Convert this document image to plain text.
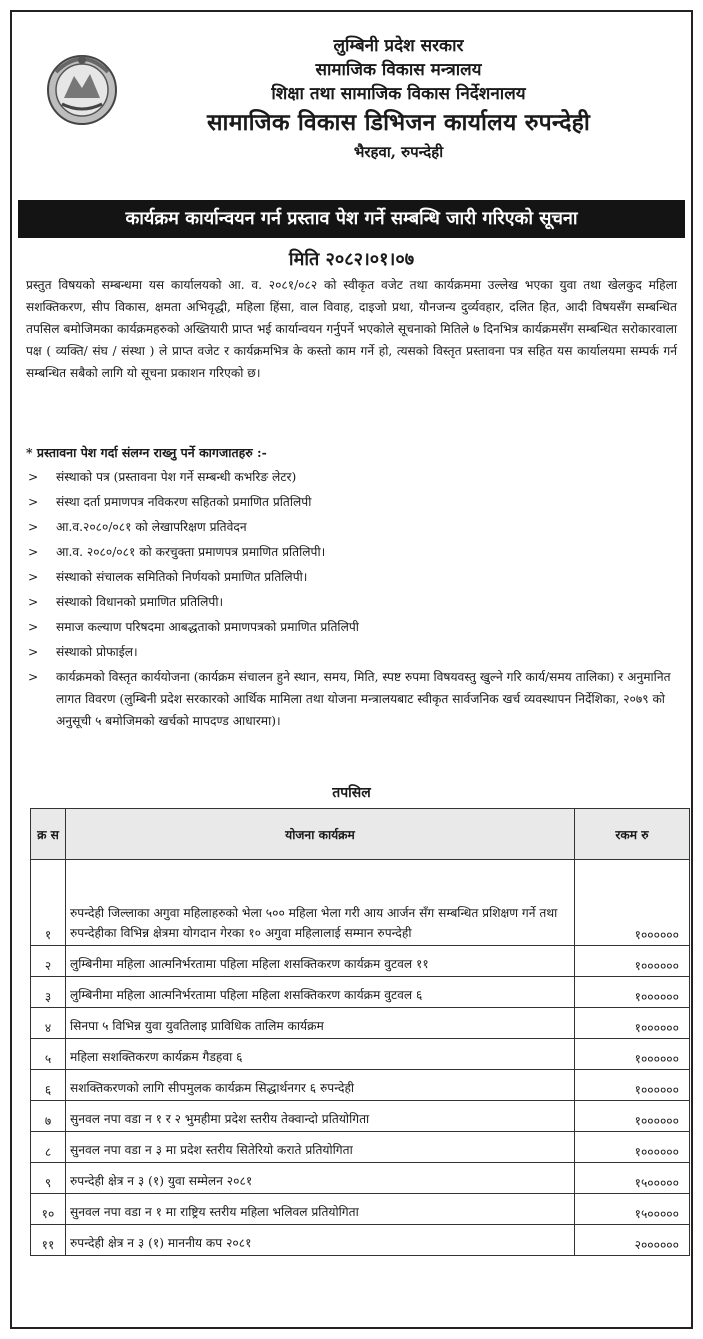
लुम्बिनी प्रदेश सरकार
सामाजिक विकास मन्त्रालय
शिक्षा तथा सामाजिक विकास निर्देशनालय
सामाजिक विकास डिभिजन कार्यालय रुपन्देही
भैरहवा, रुपन्देही
कार्यक्रम कार्यान्वयन गर्न प्रस्ताव पेश गर्ने सम्बन्धि जारी गरिएको सूचना
मिति २०८२।०१।०७
प्रस्तुत विषयको सम्बन्धमा यस कार्यालयको आ. व. २०८१/०८२ को स्वीकृत वजेट तथा कार्यक्रममा उल्लेख भएका युवा तथा खेलकुद महिला सशक्तिकरण, सीप विकास, क्षमता अभिवृद्धी, महिला हिंसा, वाल विवाह, दाइजो प्रथा, यौनजन्य दुर्व्यवहार, दलित हित, आदी विषयसँग सम्बन्धित तपसिल बमोजिमका कार्यक्रमहरुको अख्तियारी प्राप्त भई कार्यान्वयन गर्नुपर्ने भएकोले सूचनाको मितिले ७ दिनभित्र कार्यक्रमसँग सम्बन्धित सरोकारवाला पक्ष ( व्यक्ति/ संघ / संस्था ) ले प्राप्त वजेट र कार्यक्रमभित्र के कस्तो काम गर्ने हो, त्यसको विस्तृत प्रस्तावना पत्र सहित यस कार्यालयमा सम्पर्क गर्न सम्बन्धित सबैको लागि यो सूचना प्रकाशन गरिएको छ।
* प्रस्तावना पेश गर्दा संलग्न राख्नु पर्ने कागजातहरु :-
> संस्थाको पत्र (प्रस्तावना पेश गर्ने सम्बन्धी कभरिङ लेटर)
> संस्था दर्ता प्रमाणपत्र नविकरण सहितको प्रमाणित प्रतिलिपी
> आ.व.२०८०/०८१ को लेखापरिक्षण प्रतिवेदन
> आ.व. २०८०/०८१ को करचुक्ता प्रमाणपत्र प्रमाणित प्रतिलिपी।
> संस्थाको संचालक समितिको निर्णयको प्रमाणित प्रतिलिपी।
> संस्थाको विधानको प्रमाणित प्रतिलिपी।
> समाज कल्याण परिषदमा आबद्धताको प्रमाणपत्रको प्रमाणित प्रतिलिपी
> संस्थाको प्रोफाईल।
> कार्यक्रमको विस्तृत कार्ययोजना (कार्यक्रम संचालन हुने स्थान, समय, मिति, स्पष्ट रुपमा विषयवस्तु खुल्ने गरि कार्य/समय तालिका) र अनुमानित लागत विवरण (लुम्बिनी प्रदेश सरकारको आर्थिक मामिला तथा योजना मन्त्रालयबाट स्वीकृत सार्वजनिक खर्च व्यवस्थापन निर्देशिका, २०७९ को अनुसूची ५ बमोजिमको खर्चको मापदण्ड आधारमा)।
तपसिल
क्र स	योजना कार्यक्रम	रकम रु
१	रुपन्देही जिल्लाका अगुवा महिलाहरुको भेला ५०० महिला भेला गरी आय आर्जन सँग सम्बन्धित प्रशिक्षण गर्ने तथा रुपन्देहीका विभिन्न क्षेत्रमा योगदान गेरका १० अगुवा महिलालाई सम्मान रुपन्देही	१००००००
२	लुम्बिनीमा महिला आत्मनिर्भरतामा पहिला महिला शसक्तिकरण कार्यक्रम वुटवल ११	१००००००
३	लुम्बिनीमा महिला आत्मनिर्भरतामा पहिला महिला शसक्तिकरण कार्यक्रम वुटवल ६	१००००००
४	सिनपा ५ विभिन्न युवा युवतिलाइ प्राविधिक तालिम कार्यक्रम	१००००००
५	महिला सशक्तिकरण कार्यक्रम गैडहवा ६	१००००००
६	सशक्तिकरणको लागि सीपमुलक कार्यक्रम सिद्धार्थनगर ६ रुपन्देही	१००००००
७	सुनवल नपा वडा न १ र २ भुमहीमा प्रदेश स्तरीय तेक्वान्दो प्रतियोगिता	१००००००
८	सुनवल नपा वडा न ३ मा प्रदेश स्तरीय सितेरियो कराते प्रतियोगिता	१००००००
९	रुपन्देही क्षेत्र न ३ (१) युवा सम्मेलन २०८१	१५०००००
१०	सुनवल नपा वडा न १ मा राष्ट्रिय स्तरीय महिला भलिवल प्रतियोगिता	१५०००००
११	रुपन्देही क्षेत्र न ३ (१) माननीय कप २०८१	२००००००
